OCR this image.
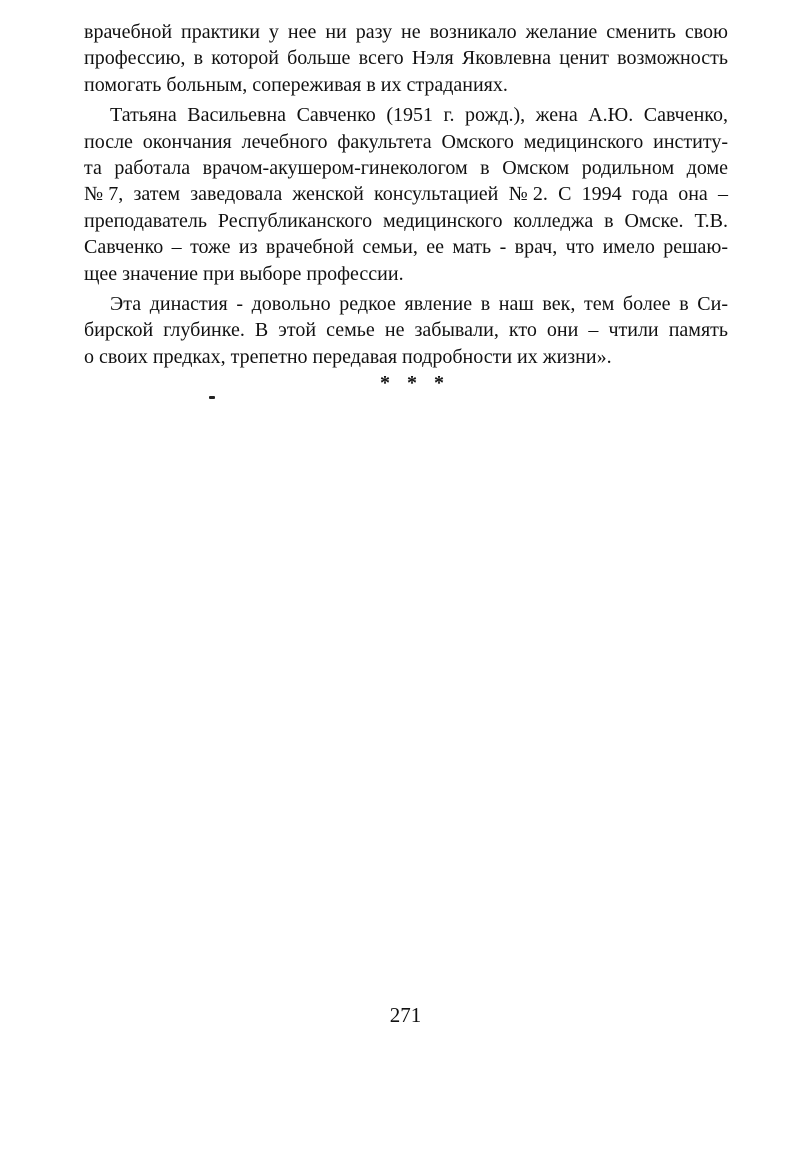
врачебной практики у нее ни разу не возникало желание сменить свою
профессию, в которой больше всего Нэля Яковлевна ценит возможность
помогать больным, сопереживая в их страданиях.
Татьяна Васильевна Савченко (1951 г. рожд.), жена А.Ю. Савченко,
после окончания лечебного факультета Омского медицинского институ-
та работала врачом-акушером-гинекологом в Омском родильном доме
№7, затем заведовала женской консультацией №2. С 1994 года она –
преподаватель Республиканского медицинского колледжа в Омске. Т.В.
Савченко – тоже из врачебной семьи, ее мать - врач, что имело решаю-
щее значение при выборе профессии.
Эта династия - довольно редкое явление в наш век, тем более в Си-
бирской глубинке. В этой семье не забывали, кто они – чтили память
о своих предках, трепетно передавая подробности их жизни».
* * *
271
